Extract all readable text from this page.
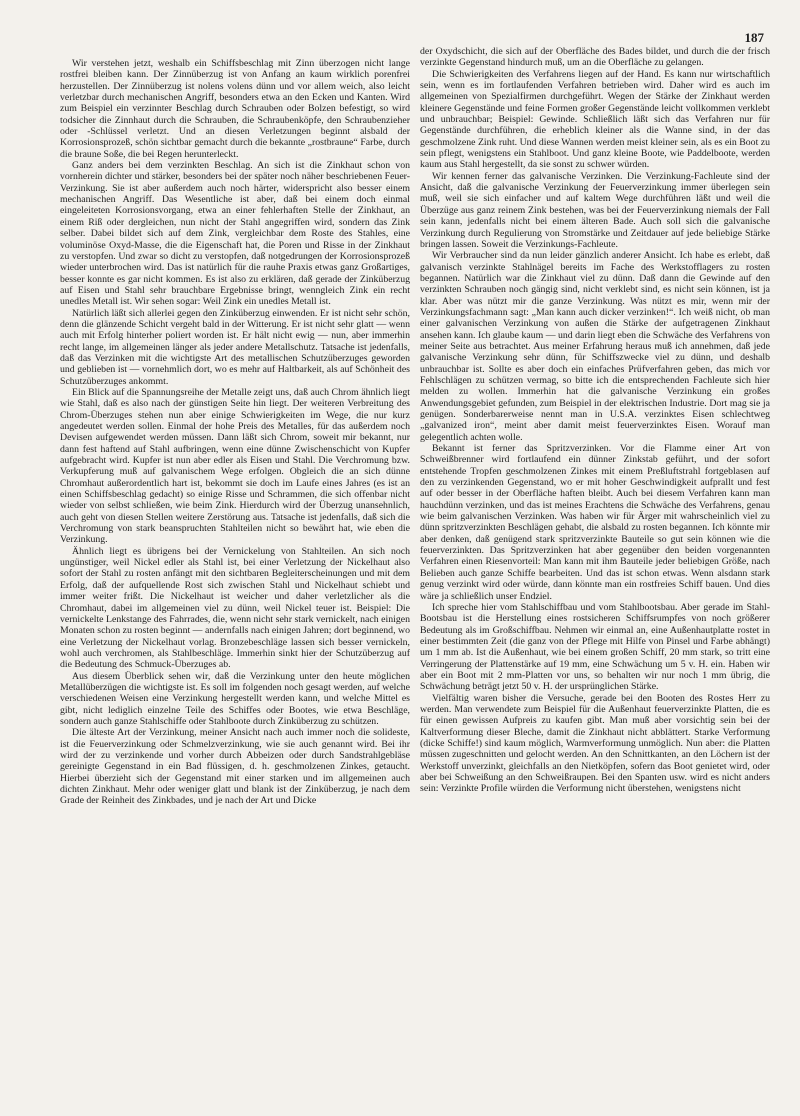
187

Wir verstehen jetzt, weshalb ein Schiffsbeschlag mit Zinn überzogen nicht lange rostfrei bleiben kann. Der Zinnüberzug ist von Anfang an kaum wirklich porenfrei herzustellen. Der Zinnüberzug ist nolens volens dünn und vor allem weich, also leicht verletzbar durch mechanischen Angriff, besonders etwa an den Ecken und Kanten. Wird zum Beispiel ein verzinnter Beschlag durch Schrauben oder Bolzen befestigt, so wird todsicher die Zinnhaut durch die Schrauben, die Schraubenköpfe, den Schraubenzieher oder -Schlüssel verletzt. Und an diesen Verletzungen beginnt alsbald der Korrosionsprozeß, schön sichtbar gemacht durch die bekannte „rostbraune“ Farbe, durch die braune Soße, die bei Regen herunterleckt.

Ganz anders bei dem verzinkten Beschlag. An sich ist die Zinkhaut schon von vornherein dichter und stärker, besonders bei der später noch näher beschriebenen Feuer-Verzinkung. Sie ist aber außerdem auch noch härter, widerspricht also besser einem mechanischen Angriff. Das Wesentliche ist aber, daß bei einem doch einmal eingeleiteten Korrosionsvorgang, etwa an einer fehlerhaften Stelle der Zinkhaut, an einem Riß oder dergleichen, nun nicht der Stahl angegriffen wird, sondern das Zink selber. Dabei bildet sich auf dem Zink, vergleichbar dem Roste des Stahles, eine voluminöse Oxyd-Masse, die die Eigenschaft hat, die Poren und Risse in der Zinkhaut zu verstopfen. Und zwar so dicht zu verstopfen, daß notgedrungen der Korrosionsprozeß wieder unterbrochen wird. Das ist natürlich für die rauhe Praxis etwas ganz Großartiges, besser konnte es gar nicht kommen. Es ist also zu erklären, daß gerade der Zinküberzug auf Eisen und Stahl sehr brauchbare Ergebnisse bringt, wenngleich Zink ein recht unedles Metall ist. Wir sehen sogar: Weil Zink ein unedles Metall ist.

Natürlich läßt sich allerlei gegen den Zinküberzug einwenden. Er ist nicht sehr schön, denn die glänzende Schicht vergeht bald in der Witterung. Er ist nicht sehr glatt — wenn auch mit Erfolg hinterher poliert worden ist. Er hält nicht ewig — nun, aber immerhin recht lange, im allgemeinen länger als jeder andere Metallschutz. Tatsache ist jedenfalls, daß das Verzinken mit die wichtigste Art des metallischen Schutzüberzuges geworden und geblieben ist — vornehmlich dort, wo es mehr auf Haltbarkeit, als auf Schönheit des Schutzüberzuges ankommt.

Ein Blick auf die Spannungsreihe der Metalle zeigt uns, daß auch Chrom ähnlich liegt wie Stahl, daß es also nach der günstigen Seite hin liegt. Der weiteren Verbreitung des Chrom-Überzuges stehen nun aber einige Schwierigkeiten im Wege, die nur kurz angedeutet werden sollen. Einmal der hohe Preis des Metalles, für das außerdem noch Devisen aufgewendet werden müssen. Dann läßt sich Chrom, soweit mir bekannt, nur dann fest haftend auf Stahl aufbringen, wenn eine dünne Zwischenschicht von Kupfer aufgebracht wird. Kupfer ist nun aber edler als Eisen und Stahl. Die Verchromung bzw. Verkupferung muß auf galvanischem Wege erfolgen. Obgleich die an sich dünne Chromhaut außerordentlich hart ist, bekommt sie doch im Laufe eines Jahres (es ist an einen Schiffsbeschlag gedacht) so einige Risse und Schrammen, die sich offenbar nicht wieder von selbst schließen, wie beim Zink. Hierdurch wird der Überzug unansehnlich, auch geht von diesen Stellen weitere Zerstörung aus. Tatsache ist jedenfalls, daß sich die Verchromung von stark beanspruchten Stahlteilen nicht so bewährt hat, wie eben die Verzinkung.

Ähnlich liegt es übrigens bei der Vernickelung von Stahlteilen. An sich noch ungünstiger, weil Nickel edler als Stahl ist, bei einer Verletzung der Nickelhaut also sofort der Stahl zu rosten anfängt mit den sichtbaren Begleiterscheinungen und mit dem Erfolg, daß der aufquellende Rost sich zwischen Stahl und Nickelhaut schiebt und immer weiter frißt. Die Nickelhaut ist weicher und daher verletzlicher als die Chromhaut, dabei im allgemeinen viel zu dünn, weil Nickel teuer ist. Beispiel: Die vernickelte Lenkstange des Fahrrades, die, wenn nicht sehr stark vernickelt, nach einigen Monaten schon zu rosten beginnt — andernfalls nach einigen Jahren; dort beginnend, wo eine Verletzung der Nickelhaut vorlag. Bronzebeschläge lassen sich besser vernickeln, wohl auch verchromen, als Stahlbeschläge. Immerhin sinkt hier der Schutzüberzug auf die Bedeutung des Schmuck-Überzuges ab.

Aus diesem Überblick sehen wir, daß die Verzinkung unter den heute möglichen Metallüberzügen die wichtigste ist. Es soll im folgenden noch gesagt werden, auf welche verschiedenen Weisen eine Verzinkung hergestellt werden kann, und welche Mittel es gibt, nicht lediglich einzelne Teile des Schiffes oder Bootes, wie etwa Beschläge, sondern auch ganze Stahlschiffe oder Stahlboote durch Zinküberzug zu schützen.

Die älteste Art der Verzinkung, meiner Ansicht nach auch immer noch die solideste, ist die Feuerverzinkung oder Schmelzverzinkung, wie sie auch genannt wird. Bei ihr wird der zu verzinkende und vorher durch Abbeizen oder durch Sandstrahlgebläse gereinigte Gegenstand in ein Bad flüssigen, d. h. geschmolzenen Zinkes, getaucht. Hierbei überzieht sich der Gegenstand mit einer starken und im allgemeinen auch dichten Zinkhaut. Mehr oder weniger glatt und blank ist der Zinküberzug, je nach dem Grade der Reinheit des Zinkbades, und je nach der Art und Dicke

der Oxydschicht, die sich auf der Oberfläche des Bades bildet, und durch die der frisch verzinkte Gegenstand hindurch muß, um an die Oberfläche zu gelangen.

Die Schwierigkeiten des Verfahrens liegen auf der Hand. Es kann nur wirtschaftlich sein, wenn es im fortlaufenden Verfahren betrieben wird. Daher wird es auch im allgemeinen von Spezialfirmen durchgeführt. Wegen der Stärke der Zinkhaut werden kleinere Gegenstände und feine Formen großer Gegenstände leicht vollkommen verklebt und unbrauchbar; Beispiel: Gewinde. Schließlich läßt sich das Verfahren nur für Gegenstände durchführen, die erheblich kleiner als die Wanne sind, in der das geschmolzene Zink ruht. Und diese Wannen werden meist kleiner sein, als es ein Boot zu sein pflegt, wenigstens ein Stahlboot. Und ganz kleine Boote, wie Paddelboote, werden kaum aus Stahl hergestellt, da sie sonst zu schwer würden.

Wir kennen ferner das galvanische Verzinken. Die Verzinkung-Fachleute sind der Ansicht, daß die galvanische Verzinkung der Feuerverzinkung immer überlegen sein muß, weil sie sich einfacher und auf kaltem Wege durchführen läßt und weil die Überzüge aus ganz reinem Zink bestehen, was bei der Feuerverzinkung niemals der Fall sein kann, jedenfalls nicht bei einem älteren Bade. Auch soll sich die galvanische Verzinkung durch Regulierung von Stromstärke und Zeitdauer auf jede beliebige Stärke bringen lassen. Soweit die Verzinkungs-Fachleute.

Wir Verbraucher sind da nun leider gänzlich anderer Ansicht. Ich habe es erlebt, daß galvanisch verzinkte Stahlnägel bereits im Fache des Werkstofflagers zu rosten begannen. Natürlich war die Zinkhaut viel zu dünn. Daß dann die Gewinde auf den verzinkten Schrauben noch gängig sind, nicht verklebt sind, es nicht sein können, ist ja klar. Aber was nützt mir die ganze Verzinkung. Was nützt es mir, wenn mir der Verzinkungsfachmann sagt: „Man kann auch dicker verzinken!“. Ich weiß nicht, ob man einer galvanischen Verzinkung von außen die Stärke der aufgetragenen Zinkhaut ansehen kann. Ich glaube kaum — und darin liegt eben die Schwäche des Verfahrens von meiner Seite aus betrachtet. Aus meiner Erfahrung heraus muß ich annehmen, daß jede galvanische Verzinkung sehr dünn, für Schiffszwecke viel zu dünn, und deshalb unbrauchbar ist. Sollte es aber doch ein einfaches Prüfverfahren geben, das mich vor Fehlschlägen zu schützen vermag, so bitte ich die entsprechenden Fachleute sich hier melden zu wollen. Immerhin hat die galvanische Verzinkung ein großes Anwendungsgebiet gefunden, zum Beispiel in der elektrischen Industrie. Dort mag sie ja genügen. Sonderbarerweise nennt man in U.S.A. verzinktes Eisen schlechtweg „galvanized iron“, meint aber damit meist feuerverzinktes Eisen. Worauf man gelegentlich achten wolle.

Bekannt ist ferner das Spritzverzinken. Vor die Flamme einer Art von Schweißbrenner wird fortlaufend ein dünner Zinkstab geführt, und der sofort entstehende Tropfen geschmolzenen Zinkes mit einem Preßluftstrahl fortgeblasen auf den zu verzinkenden Gegenstand, wo er mit hoher Geschwindigkeit aufprallt und fest auf oder besser in der Oberfläche haften bleibt. Auch bei diesem Verfahren kann man hauchdünn verzinken, und das ist meines Erachtens die Schwäche des Verfahrens, genau wie beim galvanischen Verzinken. Was haben wir für Ärger mit wahrscheinlich viel zu dünn spritzverzinkten Beschlägen gehabt, die alsbald zu rosten begannen. Ich könnte mir aber denken, daß genügend stark spritzverzinkte Bauteile so gut sein können wie die feuerverzinkten. Das Spritzverzinken hat aber gegenüber den beiden vorgenannten Verfahren einen Riesenvorteil: Man kann mit ihm Bauteile jeder beliebigen Größe, nach Belieben auch ganze Schiffe bearbeiten. Und das ist schon etwas. Wenn alsdann stark genug verzinkt wird oder würde, dann könnte man ein rostfreies Schiff bauen. Und dies wäre ja schließlich unser Endziel.

Ich spreche hier vom Stahlschiffbau und vom Stahlbootsbau. Aber gerade im Stahl-Bootsbau ist die Herstellung eines rostsicheren Schiffsrumpfes von noch größerer Bedeutung als im Großschiffbau. Nehmen wir einmal an, eine Außenhautplatte rostet in einer bestimmten Zeit (die ganz von der Pflege mit Hilfe von Pinsel und Farbe abhängt) um 1 mm ab. Ist die Außenhaut, wie bei einem großen Schiff, 20 mm stark, so tritt eine Verringerung der Plattenstärke auf 19 mm, eine Schwächung um 5 v. H. ein. Haben wir aber ein Boot mit 2 mm-Platten vor uns, so behalten wir nur noch 1 mm übrig, die Schwächung beträgt jetzt 50 v. H. der ursprünglichen Stärke.

Vielfältig waren bisher die Versuche, gerade bei den Booten des Rostes Herr zu werden. Man verwendete zum Beispiel für die Außenhaut feuerverzinkte Platten, die es für einen gewissen Aufpreis zu kaufen gibt. Man muß aber vorsichtig sein bei der Kaltverformung dieser Bleche, damit die Zinkhaut nicht abblättert. Starke Verformung (dicke Schiffe!) sind kaum möglich, Warmverformung unmöglich. Nun aber: die Platten müssen zugeschnitten und gelocht werden. An den Schnittkanten, an den Löchern ist der Werkstoff unverzinkt, gleichfalls an den Nietköpfen, sofern das Boot genietet wird, oder aber bei Schweißung an den Schweißraupen. Bei den Spanten usw. wird es nicht anders sein: Verzinkte Profile würden die Verformung nicht überstehen, wenigstens nicht
